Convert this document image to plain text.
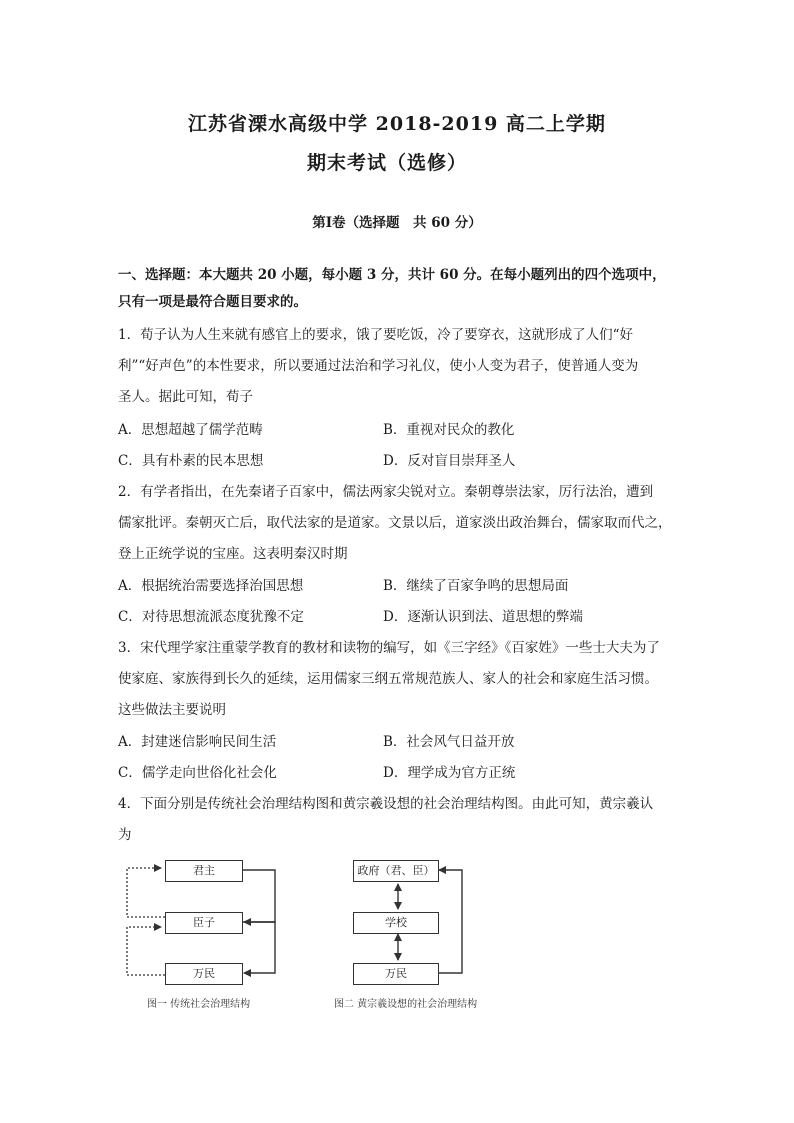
江苏省溧水高级中学 2018-2019 高二上学期
期末考试（选修）
第Ⅰ卷（选择题　共 60 分）
一、选择题：本大题共 20 小题，每小题 3 分，共计 60 分。在每小题列出的四个选项中，
只有一项是最符合题目要求的。
1．荀子认为人生来就有感官上的要求，饿了要吃饭，冷了要穿衣，这就形成了人们“好
利”“好声色”的本性要求，所以要通过法治和学习礼仪，使小人变为君子，使普通人变为
圣人。据此可知，荀子
A．思想超越了儒学范畴	B．重视对民众的教化
C．具有朴素的民本思想	D．反对盲目崇拜圣人
2．有学者指出，在先秦诸子百家中，儒法两家尖锐对立。秦朝尊崇法家，厉行法治，遭到
儒家批评。秦朝灭亡后，取代法家的是道家。文景以后，道家淡出政治舞台，儒家取而代之，
登上正统学说的宝座。这表明秦汉时期
A．根据统治需要选择治国思想	B．继续了百家争鸣的思想局面
C．对待思想流派态度犹豫不定	D．逐渐认识到法、道思想的弊端
3．宋代理学家注重蒙学教育的教材和读物的编写，如《三字经》《百家姓》一些士大夫为了
使家庭、家族得到长久的延续，运用儒家三纲五常规范族人、家人的社会和家庭生活习惯。
这些做法主要说明
A．封建迷信影响民间生活	B．社会风气日益开放
C．儒学走向世俗化社会化	D．理学成为官方正统
4．下面分别是传统社会治理结构图和黄宗羲设想的社会治理结构图。由此可知，黄宗羲认
为
君主
臣子
万民
图一 传统社会治理结构
政府（君、臣）
学校
万民
图二 黄宗羲设想的社会治理结构
